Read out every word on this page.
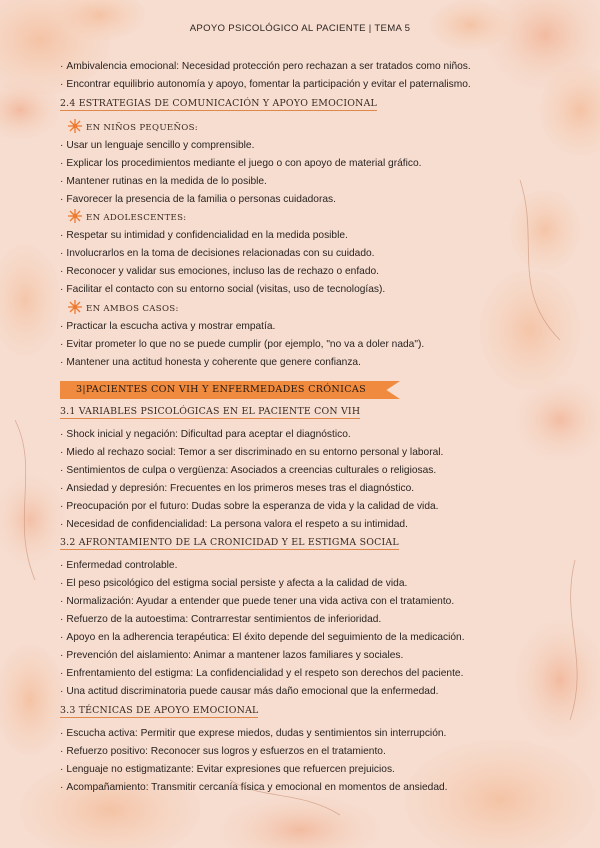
APOYO PSICOLÓGICO AL PACIENTE | TEMA 5
· Ambivalencia emocional: Necesidad protección pero rechazan a ser tratados como niños.
· Encontrar equilibrio autonomía y apoyo, fomentar la participación y evitar el paternalismo.
2.4 ESTRATEGIAS DE COMUNICACIÓN Y APOYO EMOCIONAL
EN NIÑOS PEQUEÑOS:
· Usar un lenguaje sencillo y comprensible.
· Explicar los procedimientos mediante el juego o con apoyo de material gráfico.
· Mantener rutinas en la medida de lo posible.
· Favorecer la presencia de la familia o personas cuidadoras.
EN ADOLESCENTES:
· Respetar su intimidad y confidencialidad en la medida posible.
· Involucrarlos en la toma de decisiones relacionadas con su cuidado.
· Reconocer y validar sus emociones, incluso las de rechazo o enfado.
· Facilitar el contacto con su entorno social (visitas, uso de tecnologías).
EN AMBOS CASOS:
· Practicar la escucha activa y mostrar empatía.
· Evitar prometer lo que no se puede cumplir (por ejemplo, "no va a doler nada").
· Mantener una actitud honesta y coherente que genere confianza.
3|PACIENTES CON VIH Y ENFERMEDADES CRÓNICAS
3.1 VARIABLES PSICOLÓGICAS EN EL PACIENTE CON VIH
· Shock inicial y negación: Dificultad para aceptar el diagnóstico.
· Miedo al rechazo social: Temor a ser discriminado en su entorno personal y laboral.
· Sentimientos de culpa o vergüenza: Asociados a creencias culturales o religiosas.
· Ansiedad y depresión: Frecuentes en los primeros meses tras el diagnóstico.
· Preocupación por el futuro: Dudas sobre la esperanza de vida y la calidad de vida.
· Necesidad de confidencialidad: La persona valora el respeto a su intimidad.
3.2 AFRONTAMIENTO DE LA CRONICIDAD Y EL ESTIGMA SOCIAL
· Enfermedad controlable.
· El peso psicológico del estigma social persiste y afecta a la calidad de vida.
· Normalización: Ayudar a entender que puede tener una vida activa con el tratamiento.
· Refuerzo de la autoestima: Contrarrestar sentimientos de inferioridad.
· Apoyo en la adherencia terapéutica: El éxito depende del seguimiento de la medicación.
· Prevención del aislamiento: Animar a mantener lazos familiares y sociales.
· Enfrentamiento del estigma: La confidencialidad y el respeto son derechos del paciente.
· Una actitud discriminatoria puede causar más daño emocional que la enfermedad.
3.3 TÉCNICAS DE APOYO EMOCIONAL
· Escucha activa: Permitir que exprese miedos, dudas y sentimientos sin interrupción.
· Refuerzo positivo: Reconocer sus logros y esfuerzos en el tratamiento.
· Lenguaje no estigmatizante: Evitar expresiones que refuercen prejuicios.
· Acompañamiento: Transmitir cercanía física y emocional en momentos de ansiedad.
